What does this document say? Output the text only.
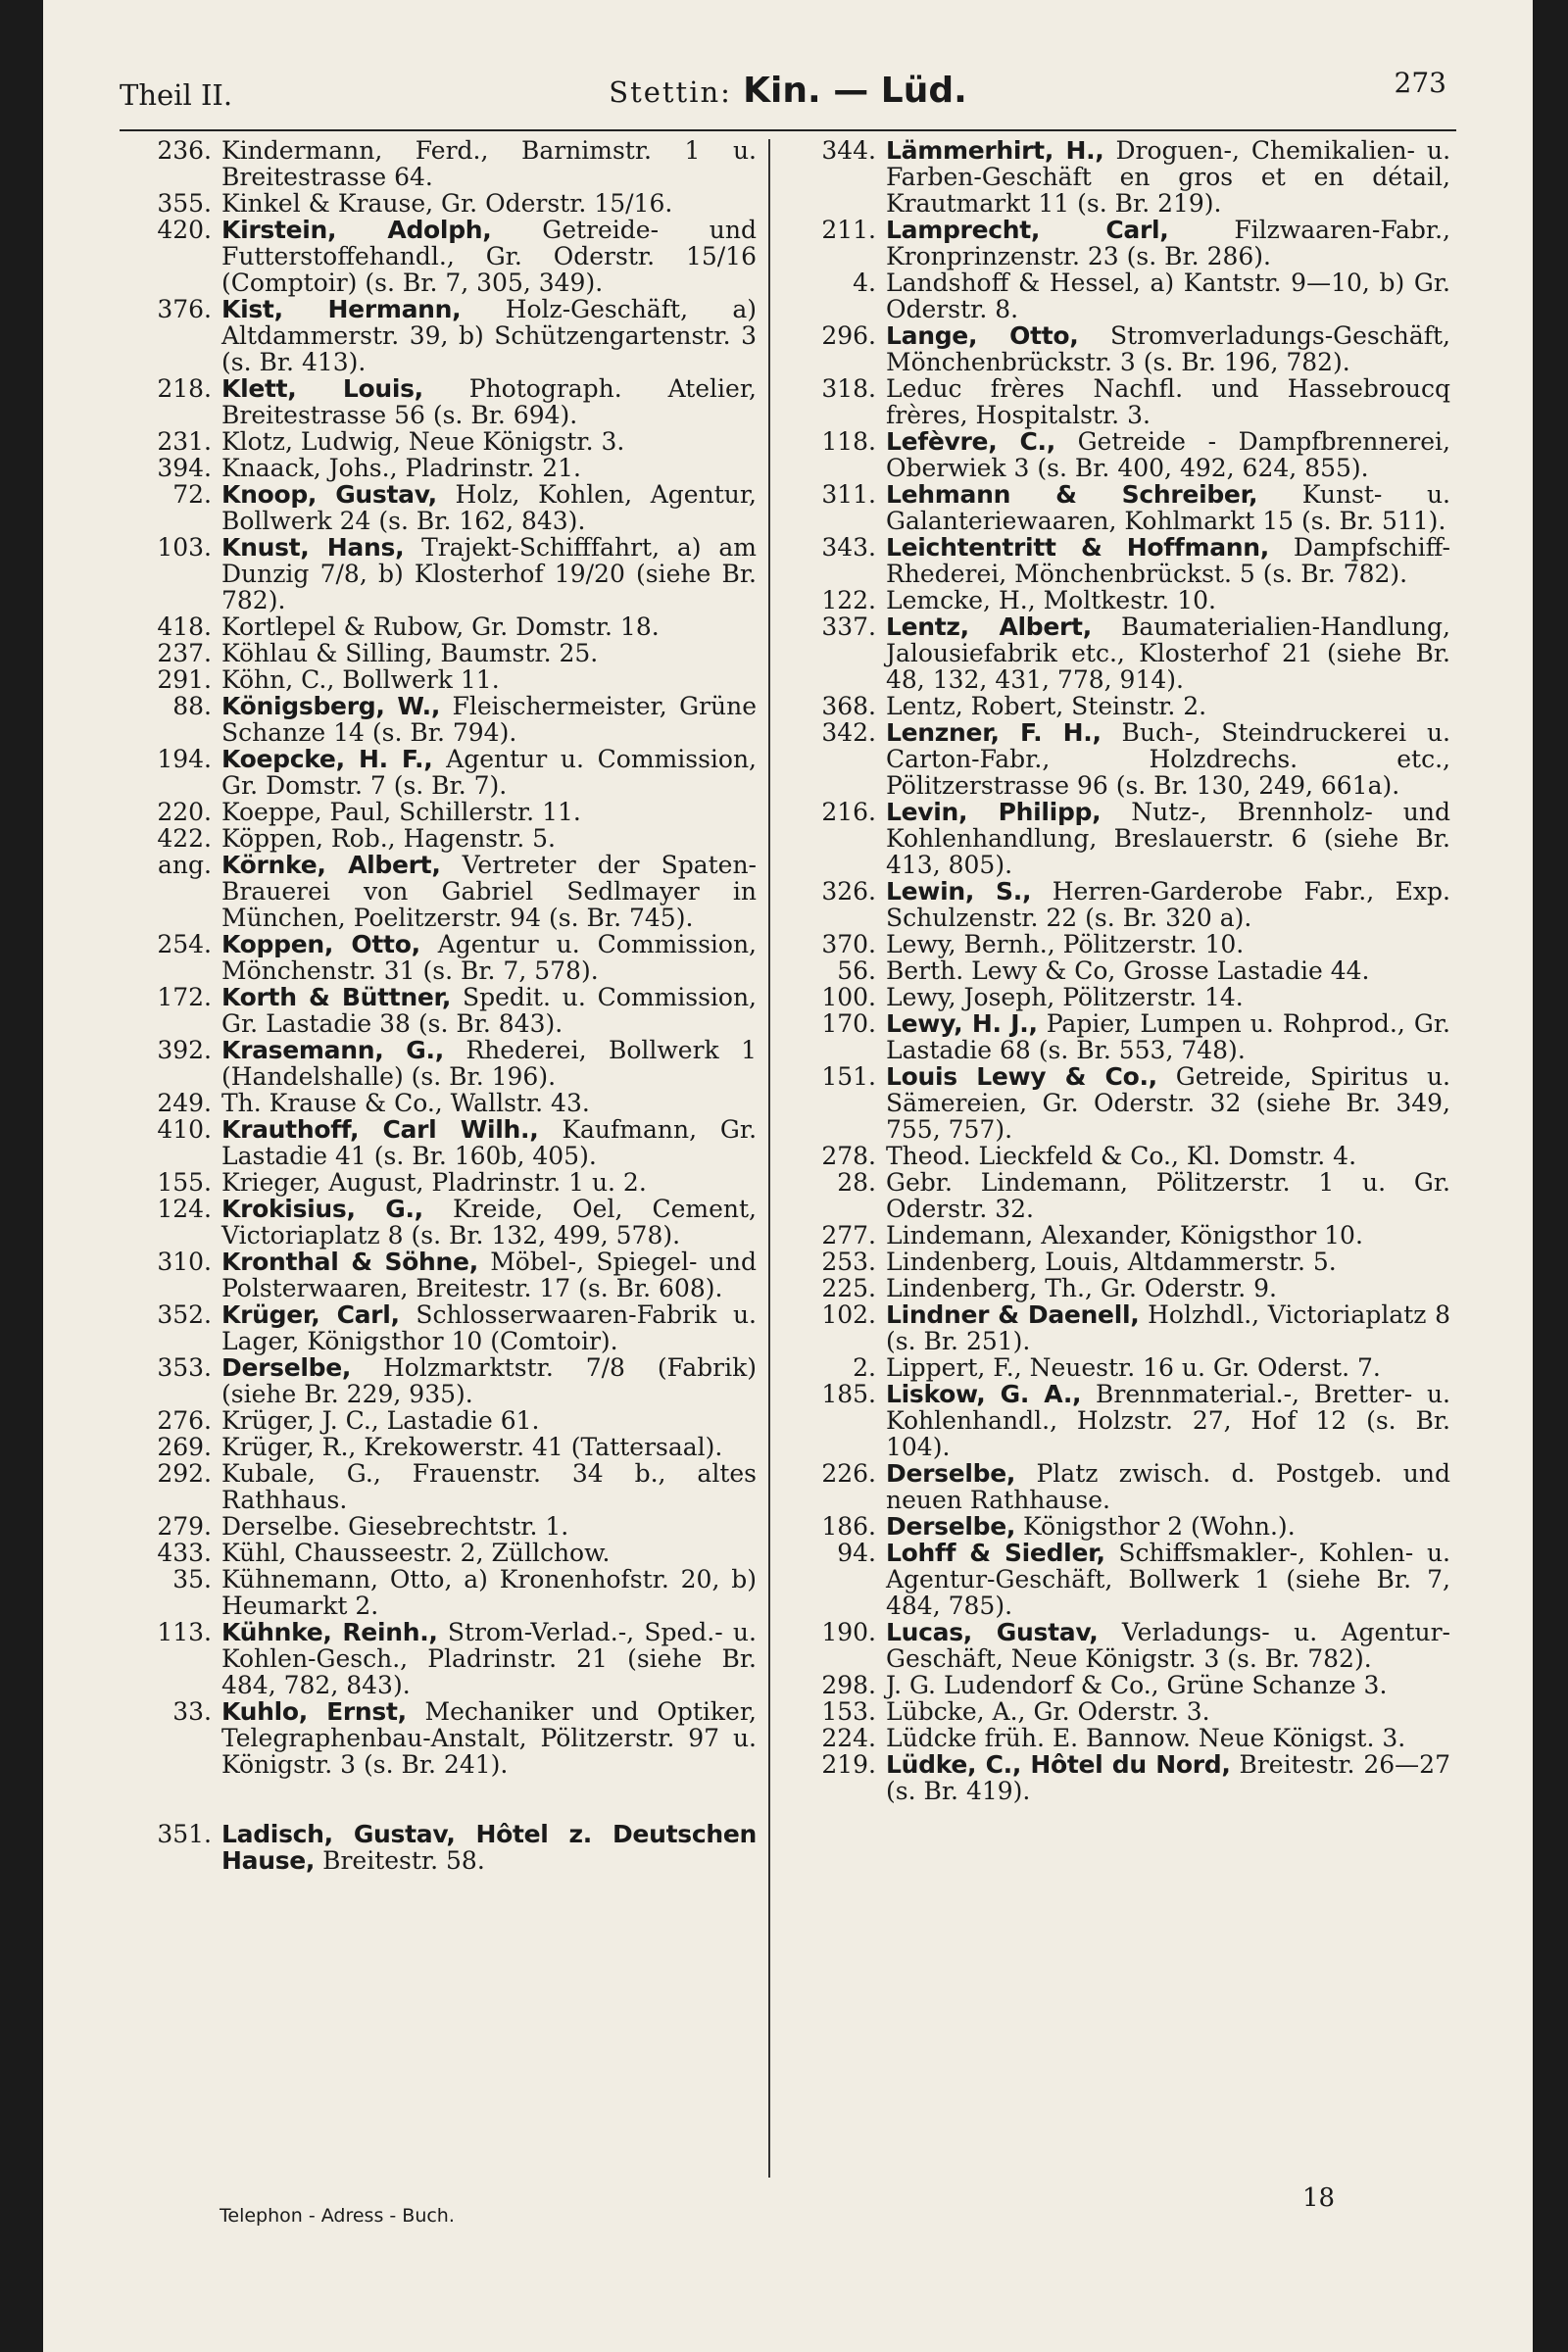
Theil II.	Stettin: Kin. — Lüd.	273
236. Kindermann, Ferd., Barnimstr. 1 u. Breitestrasse 64.
355. Kinkel & Krause, Gr. Oderstr. 15/16.
420. Kirstein, Adolph, Getreide- und Futterstoffehandl., Gr. Oderstr. 15/16 (Comptoir) (s. Br. 7, 305, 349).
376. Kist, Hermann, Holz-Geschäft, a) Altdammerstr. 39, b) Schützengartenstr. 3 (s. Br. 413).
218. Klett, Louis, Photograph. Atelier, Breitestrasse 56 (s. Br. 694).
231. Klotz, Ludwig, Neue Königstr. 3.
394. Knaack, Johs., Pladrinstr. 21.
72. Knoop, Gustav, Holz, Kohlen, Agentur, Bollwerk 24 (s. Br. 162, 843).
103. Knust, Hans, Trajekt-Schifffahrt, a) am Dunzig 7/8, b) Klosterhof 19/20 (siehe Br. 782).
418. Kortlepel & Rubow, Gr. Domstr. 18.
237. Köhlau & Silling, Baumstr. 25.
291. Köhn, C., Bollwerk 11.
88. Königsberg, W., Fleischermeister, Grüne Schanze 14 (s. Br. 794).
194. Koepcke, H. F., Agentur u. Commission, Gr. Domstr. 7 (s. Br. 7).
220. Koeppe, Paul, Schillerstr. 11.
422. Köppen, Rob., Hagenstr. 5.
ang. Körnke, Albert, Vertreter der Spaten-Brauerei von Gabriel Sedlmayer in München, Poelitzerstr. 94 (s. Br. 745).
254. Koppen, Otto, Agentur u. Commission, Mönchenstr. 31 (s. Br. 7, 578).
172. Korth & Büttner, Spedit. u. Commission, Gr. Lastadie 38 (s. Br. 843).
392. Krasemann, G., Rhederei, Bollwerk 1 (Handelshalle) (s. Br. 196).
249. Th. Krause & Co., Wallstr. 43.
410. Krauthoff, Carl Wilh., Kaufmann, Gr. Lastadie 41 (s. Br. 160b, 405).
155. Krieger, August, Pladrinstr. 1 u. 2.
124. Krokisius, G., Kreide, Oel, Cement, Victoriaplatz 8 (s. Br. 132, 499, 578).
310. Kronthal & Söhne, Möbel-, Spiegel- und Polsterwaaren, Breitestr. 17 (s. Br. 608).
352. Krüger, Carl, Schlosserwaaren-Fabrik u. Lager, Königsthor 10 (Comtoir).
353. Derselbe, Holzmarktstr. 7/8 (Fabrik) (siehe Br. 229, 935).
276. Krüger, J. C., Lastadie 61.
269. Krüger, R., Krekowerstr. 41 (Tattersaal).
292. Kubale, G., Frauenstr. 34 b., altes Rathhaus.
279. Derselbe. Giesebrechtstr. 1.
433. Kühl, Chausseestr. 2, Züllchow.
35. Kühnemann, Otto, a) Kronenhofstr. 20, b) Heumarkt 2.
113. Kühnke, Reinh., Strom-Verlad.-, Sped.- u. Kohlen-Gesch., Pladrinstr. 21 (siehe Br. 484, 782, 843).
33. Kuhlo, Ernst, Mechaniker und Optiker, Telegraphenbau-Anstalt, Pölitzerstr. 97 u. Königstr. 3 (s. Br. 241).
351. Ladisch, Gustav, Hôtel z. Deutschen Hause, Breitestr. 58.
344. Lämmerhirt, H., Droguen-, Chemikalien- u. Farben-Geschäft en gros et en détail, Krautmarkt 11 (s. Br. 219).
211. Lamprecht, Carl,	Filzwaaren-Fabr., Kronprinzenstr. 23 (s. Br. 286).
4. Landshoff & Hessel, a) Kantstr. 9—10, b) Gr. Oderstr. 8.
296. Lange, Otto, Stromverladungs-Geschäft, Mönchenbrückstr. 3 (s. Br. 196, 782).
318. Leduc frères Nachfl. und Hassebroucq frères, Hospitalstr. 3.
118. Lefèvre, C., Getreide - Dampfbrennerei, Oberwiek 3 (s. Br. 400, 492, 624, 855).
311. Lehmann & Schreiber, Kunst- u. Galanteriewaaren, Kohlmarkt 15 (s. Br. 511).
343. Leichtentritt & Hoffmann, Dampfschiff-Rhederei, Mönchenbrückst. 5 (s. Br. 782).
122. Lemcke, H., Moltkestr. 10.
337. Lentz, Albert, Baumaterialien-Handlung, Jalousiefabrik etc., Klosterhof 21 (siehe Br. 48, 132, 431, 778, 914).
368. Lentz, Robert, Steinstr. 2.
342. Lenzner, F. H., Buch-, Steindruckerei u. Carton-Fabr., Holzdrechs. etc., Pölitzerstrasse 96 (s. Br. 130, 249, 661a).
216. Levin, Philipp, Nutz-, Brennholz- und Kohlenhandlung, Breslauerstr. 6 (siehe Br. 413, 805).
326. Lewin, S., Herren-Garderobe Fabr., Exp. Schulzenstr. 22 (s. Br. 320 a).
370. Lewy, Bernh., Pölitzerstr. 10.
56. Berth. Lewy & Co, Grosse Lastadie 44.
100. Lewy, Joseph, Pölitzerstr. 14.
170. Lewy, H. J., Papier, Lumpen u. Rohprod., Gr. Lastadie 68 (s. Br. 553, 748).
151. Louis Lewy & Co., Getreide, Spiritus u. Sämereien, Gr. Oderstr. 32 (siehe Br. 349, 755, 757).
278. Theod. Lieckfeld & Co., Kl. Domstr. 4.
28. Gebr. Lindemann, Pölitzerstr. 1 u. Gr. Oderstr. 32.
277. Lindemann, Alexander, Königsthor 10.
253. Lindenberg, Louis, Altdammerstr. 5.
225. Lindenberg, Th., Gr. Oderstr. 9.
102. Lindner & Daenell, Holzhdl., Victoriaplatz 8 (s. Br. 251).
2. Lippert, F., Neuestr. 16 u. Gr. Oderst. 7.
185. Liskow, G. A., Brennmaterial.-, Bretter- u. Kohlenhandl., Holzstr. 27, Hof 12 (s. Br. 104).
226. Derselbe, Platz zwisch. d. Postgeb. und neuen Rathhause.
186. Derselbe, Königsthor 2 (Wohn.).
94. Lohff & Siedler, Schiffsmakler-, Kohlen- u. Agentur-Geschäft, Bollwerk 1 (siehe Br. 7, 484, 785).
190. Lucas, Gustav, Verladungs- u. Agentur-Geschäft, Neue Königstr. 3 (s. Br. 782).
298. J. G. Ludendorf & Co., Grüne Schanze 3.
153. Lübcke, A., Gr. Oderstr. 3.
224. Lüdcke früh. E. Bannow. Neue Königst. 3.
219. Lüdke, C., Hôtel du Nord, Breitestr. 26—27 (s. Br. 419).
Telephon - Adress - Buch.
18
